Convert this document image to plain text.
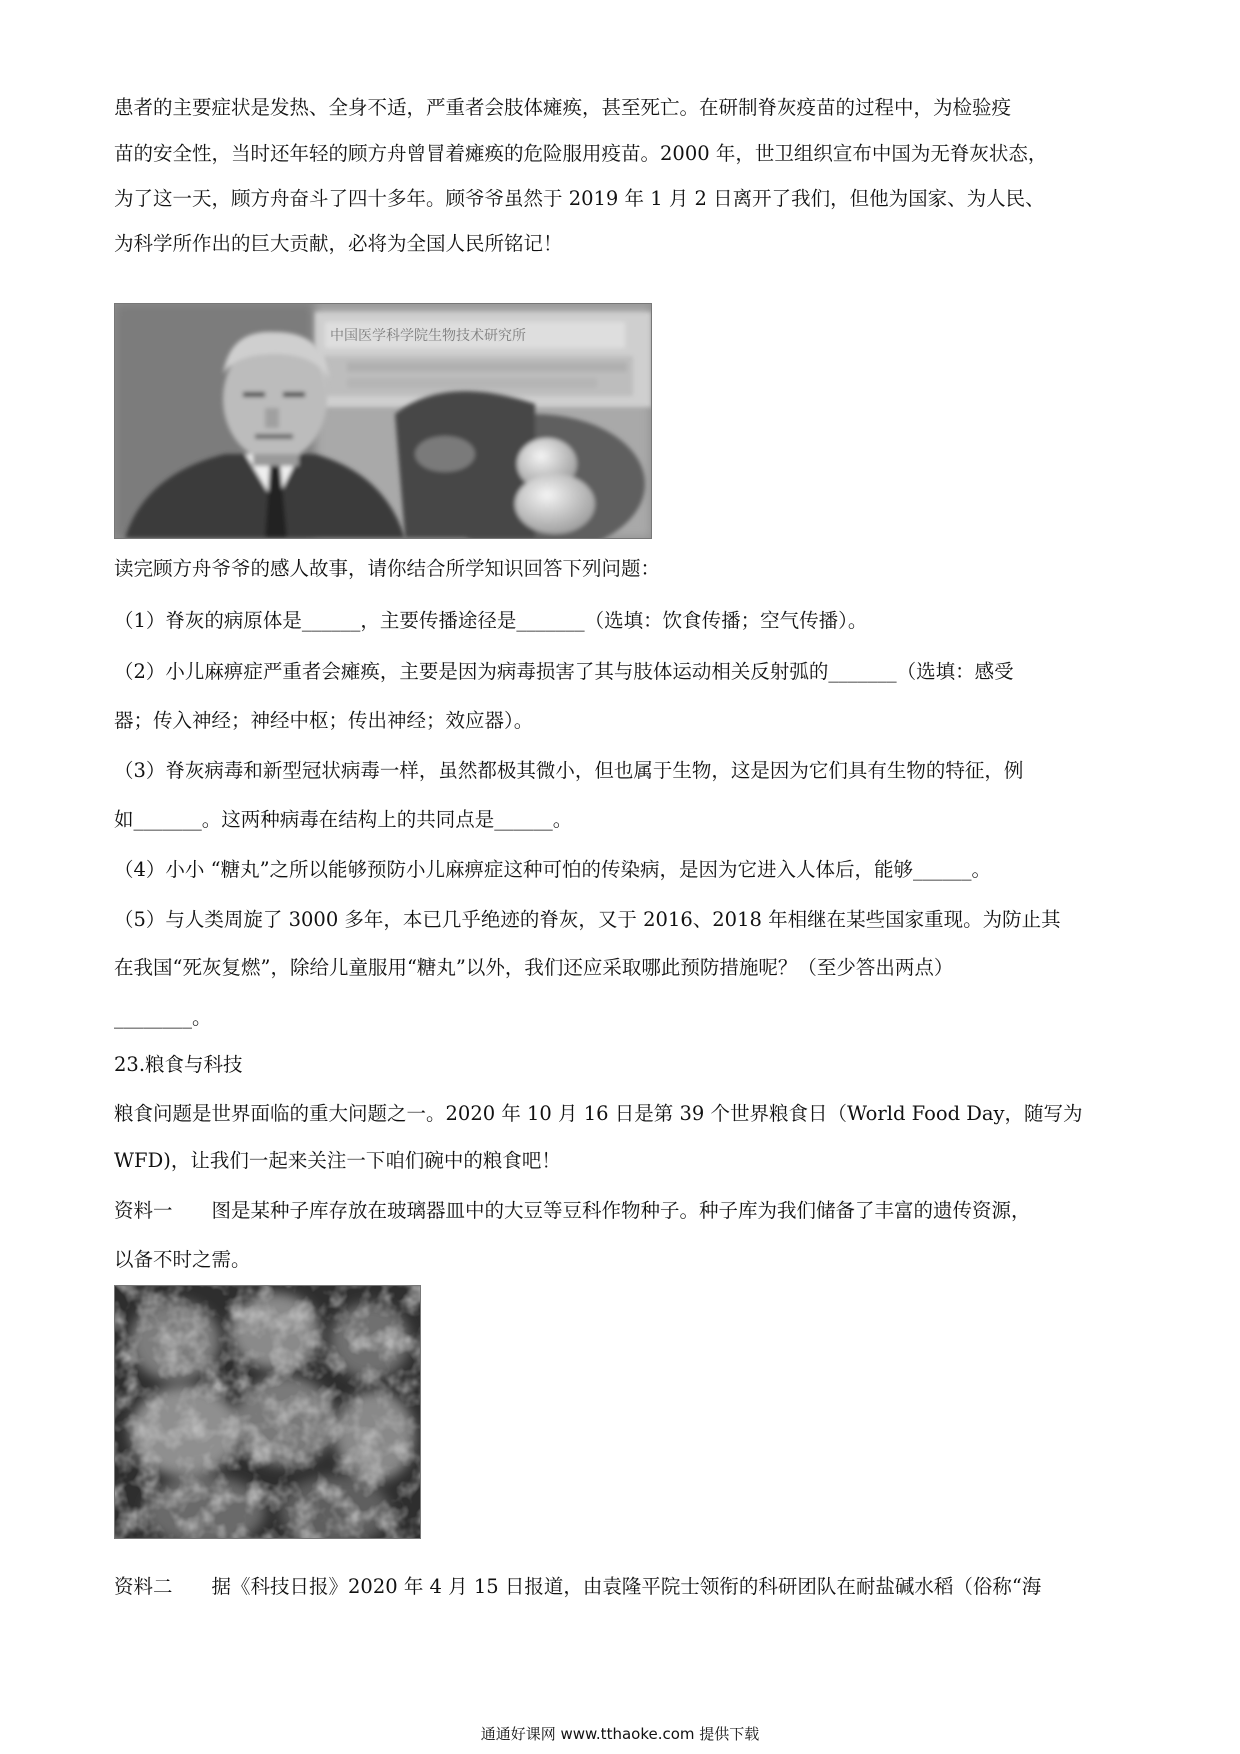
患者的主要症状是发热、全身不适，严重者会肢体瘫痪，甚至死亡。在研制脊灰疫苗的过程中，为检验疫

苗的安全性，当时还年轻的顾方舟曾冒着瘫痪的危险服用疫苗。2000 年，世卫组织宣布中国为无脊灰状态，

为了这一天，顾方舟奋斗了四十多年。顾爷爷虽然于 2019 年 1 月 2 日离开了我们，但他为国家、为人民、

为科学所作出的巨大贡献，必将为全国人民所铭记！

中国医学科学院生物技术研究所

读完顾方舟爷爷的感人故事，请你结合所学知识回答下列问题：

（1）脊灰的病原体是______，主要传播途径是_______（选填：饮食传播；空气传播）。

（2）小儿麻痹症严重者会瘫痪，主要是因为病毒损害了其与肢体运动相关反射弧的_______（选填：感受

器；传入神经；神经中枢；传出神经；效应器）。

（3）脊灰病毒和新型冠状病毒一样，虽然都极其微小，但也属于生物，这是因为它们具有生物的特征，例

如_______。这两种病毒在结构上的共同点是______。

（4）小小 “糖丸”之所以能够预防小儿麻痹症这种可怕的传染病，是因为它进入人体后，能够______。

（5）与人类周旋了 3000 多年，本已几乎绝迹的脊灰，又于 2016、2018 年相继在某些国家重现。为防止其

在我国“死灰复燃”，除给儿童服用“糖丸”以外，我们还应采取哪此预防措施呢？（至少答出两点）

________。

23.粮食与科技

粮食问题是世界面临的重大问题之一。2020 年 10 月 16 日是第 39 个世界粮食日（World Food Day，随写为

WFD)，让我们一起来关注一下咱们碗中的粮食吧！

资料一　　图是某种子库存放在玻璃器皿中的大豆等豆科作物种子。种子库为我们储备了丰富的遗传资源，

以备不时之需。

资料二　　据《科技日报》2020 年 4 月 15 日报道，由袁隆平院士领衔的科研团队在耐盐碱水稻（俗称“海

通通好课网 www.tthaoke.com 提供下载
